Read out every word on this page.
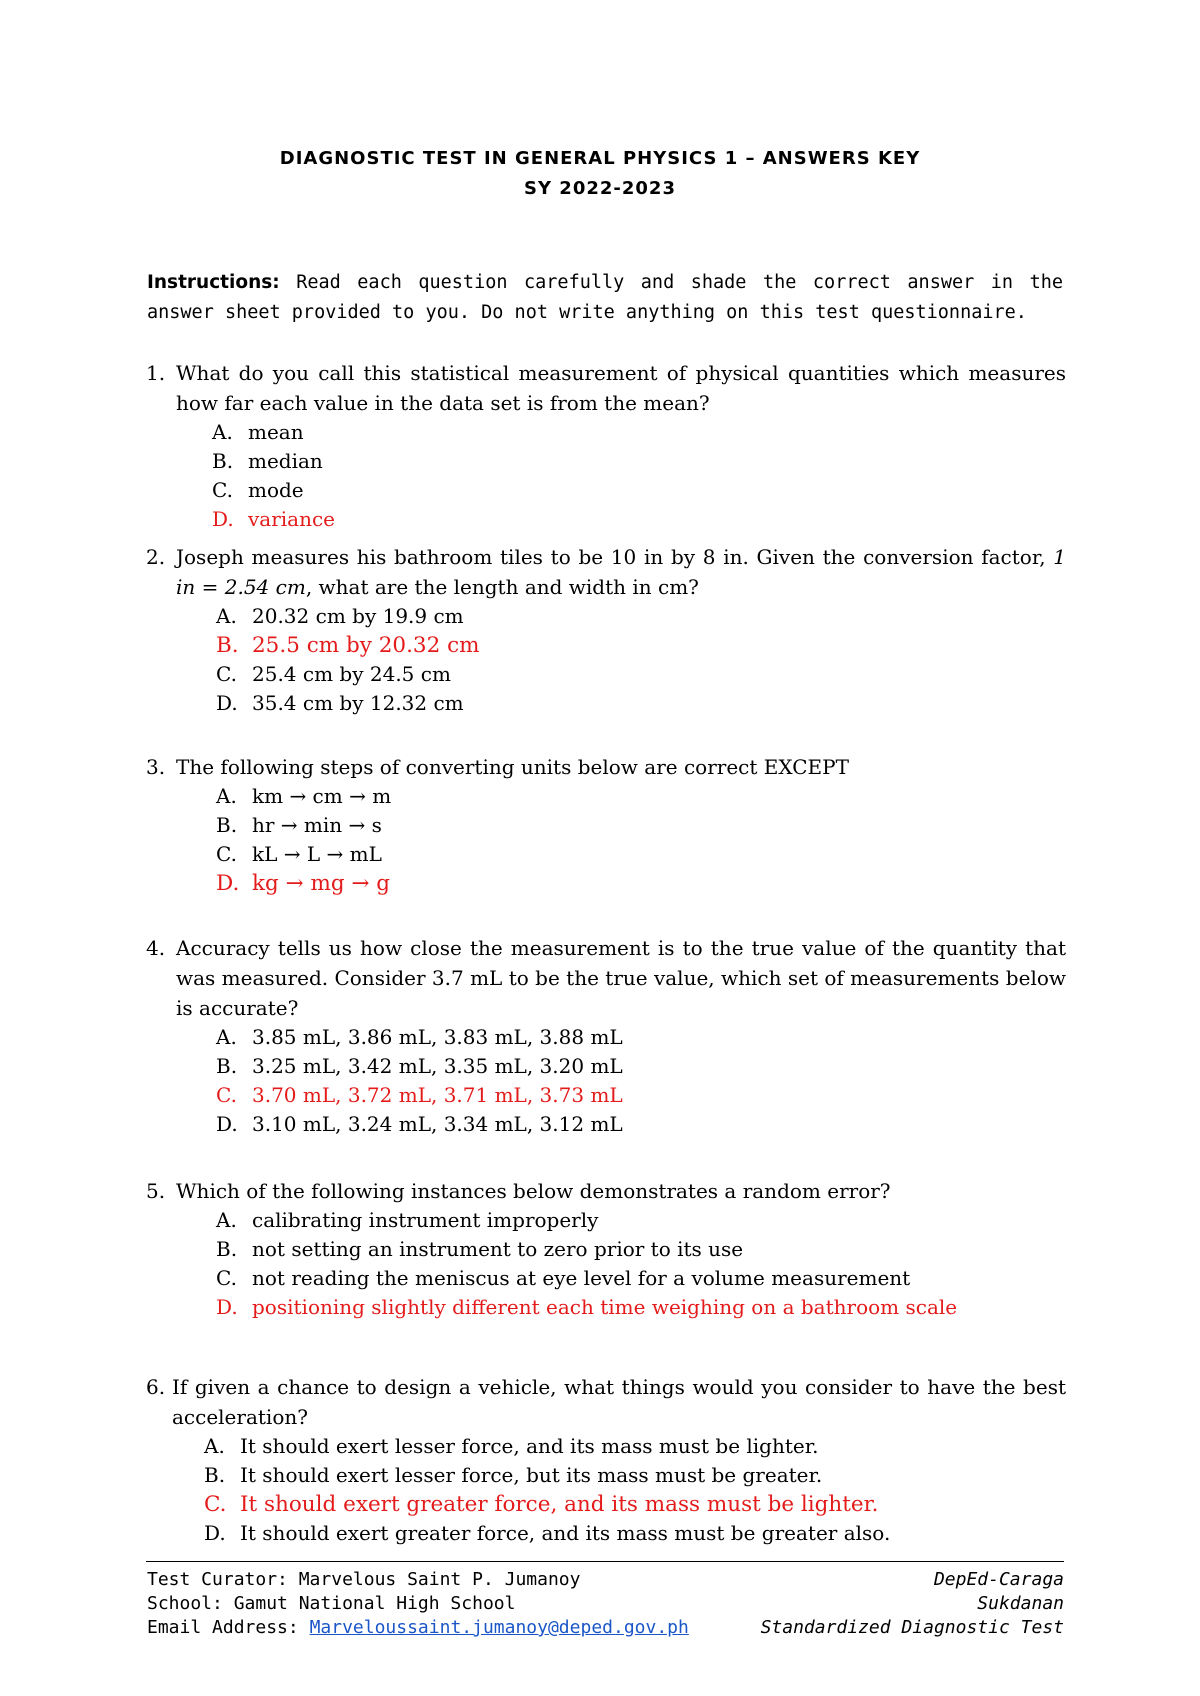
DIAGNOSTIC TEST IN GENERAL PHYSICS 1 – ANSWERS KEY
SY 2022-2023
Instructions: Read each question carefully and shade the correct answer in the answer sheet provided to you. Do not write anything on this test questionnaire.
1. What do you call this statistical measurement of physical quantities which measures how far each value in the data set is from the mean?
A. mean
B. median
C. mode
D. variance
2. Joseph measures his bathroom tiles to be 10 in by 8 in. Given the conversion factor, 1 in = 2.54 cm, what are the length and width in cm?
A. 20.32 cm by 19.9 cm
B. 25.5 cm by 20.32 cm
C. 25.4 cm by 24.5 cm
D. 35.4 cm by 12.32 cm
3. The following steps of converting units below are correct EXCEPT
A. km → cm → m
B. hr → min → s
C. kL → L → mL
D. kg → mg → g
4. Accuracy tells us how close the measurement is to the true value of the quantity that was measured. Consider 3.7 mL to be the true value, which set of measurements below is accurate?
A. 3.85 mL, 3.86 mL, 3.83 mL, 3.88 mL
B. 3.25 mL, 3.42 mL, 3.35 mL, 3.20 mL
C. 3.70 mL, 3.72 mL, 3.71 mL, 3.73 mL
D. 3.10 mL, 3.24 mL, 3.34 mL, 3.12 mL
5. Which of the following instances below demonstrates a random error?
A. calibrating instrument improperly
B. not setting an instrument to zero prior to its use
C. not reading the meniscus at eye level for a volume measurement
D. positioning slightly different each time weighing on a bathroom scale
6. If given a chance to design a vehicle, what things would you consider to have the best acceleration?
A. It should exert lesser force, and its mass must be lighter.
B. It should exert lesser force, but its mass must be greater.
C. It should exert greater force, and its mass must be lighter.
D. It should exert greater force, and its mass must be greater also.
Test Curator: Marvelous Saint P. Jumanoy
School: Gamut National High School
Email Address: Marveloussaint.jumanoy@deped.gov.ph
DepEd-Caraga
Sukdanan
Standardized Diagnostic Test
